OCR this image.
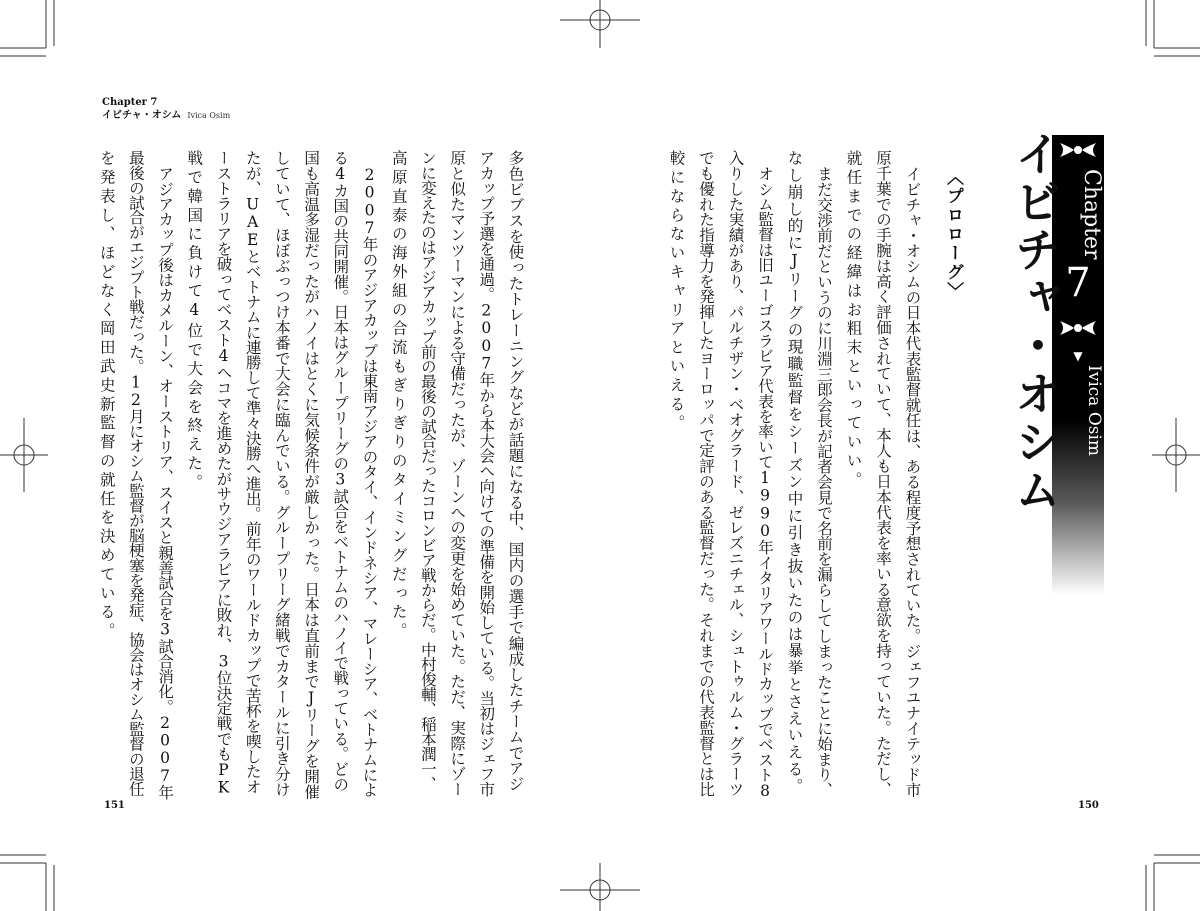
Chapter 7
イビチャ・オシム Ivica Osim
Chapter
7
▼
Ivica Osim
イビチャ・オシム
〈プロローグ〉
イビチャ・オシムの日本代表監督就任は、ある程度予想されていた。ジェフユナイテッド市
原千葉での手腕は高く評価されていて、本人も日本代表を率いる意欲を持っていた。ただし、
就任までの経緯はお粗末といっていい。
まだ交渉前だというのに川淵三郎会長が記者会見で名前を漏らしてしまったことに始まり、
なし崩し的にJリーグの現職監督をシーズン中に引き抜いたのは暴挙とさえいえる。
オシム監督は旧ユーゴスラビア代表を率いて1990年イタリアワールドカップでベスト8
入りした実績があり、パルチザン・ベオグラード、ゼレズニチェル、シュトゥルム・グラーツ
でも優れた指導力を発揮したヨーロッパで定評のある監督だった。それまでの代表監督とは比
較にならないキャリアといえる。
多色ビブスを使ったトレーニングなどが話題になる中、国内の選手で編成したチームでアジ
アカップ予選を通過。2007年から本大会へ向けての準備を開始している。当初はジェフ市
原と似たマンツーマンによる守備だったが、ゾーンへの変更を始めていた。ただ、実際にゾー
ンに変えたのはアジアカップ前の最後の試合だったコロンビア戦からだ。中村俊輔、稲本潤一、
高原直泰の海外組の合流もぎりぎりのタイミングだった。
2007年のアジアカップは東南アジアのタイ、インドネシア、マレーシア、ベトナムによ
る4カ国の共同開催。日本はグループリーグの3試合をベトナムのハノイで戦っている。どの
国も高温多湿だったがハノイはとくに気候条件が厳しかった。日本は直前までJリーグを開催
していて、ほぼぶっつけ本番で大会に臨んでいる。グループリーグ緒戦でカタールに引き分け
たが、UAEとベトナムに連勝して準々決勝へ進出。前年のワールドカップで苦杯を喫したオ
ーストラリアを破ってベスト4へコマを進めたがサウジアラビアに敗れ、3位決定戦でもPK
戦で韓国に負けて4位で大会を終えた。
アジアカップ後はカメルーン、オーストリア、スイスと親善試合を3試合消化。2007年
最後の試合がエジプト戦だった。12月にオシム監督が脳梗塞を発症、協会はオシム監督の退任
を発表し、ほどなく岡田武史新監督の就任を決めている。
151	150
